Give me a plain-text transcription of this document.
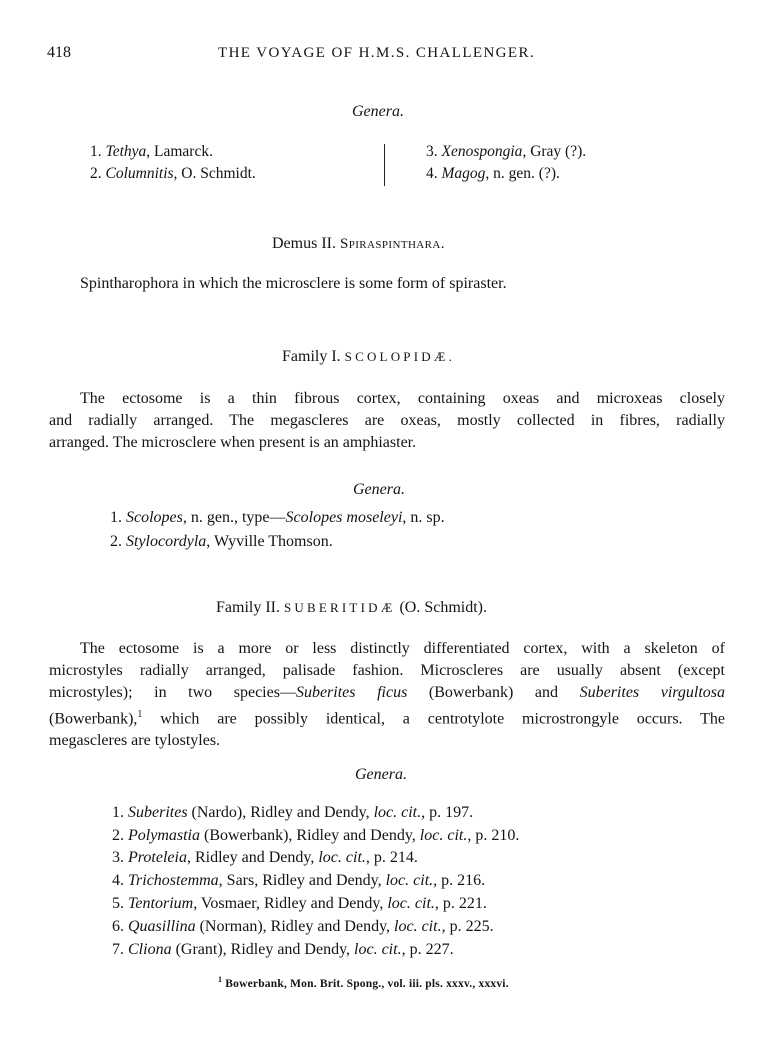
418	THE VOYAGE OF H.M.S. CHALLENGER.
Genera.
1. Tethya, Lamarck.
2. Columnitis, O. Schmidt.
3. Xenospongia, Gray (?).
4. Magog, n. gen. (?).
Demus II. Spiraspinthara.
Spintharophora in which the microsclere is some form of spiraster.
Family I. SCOLOPIDÆ.
The ectosome is a thin fibrous cortex, containing oxeas and microxeas closely
and radially arranged. The megascleres are oxeas, mostly collected in fibres, radially
arranged. The microsclere when present is an amphiaster.
Genera.
1. Scolopes, n. gen., type—Scolopes moseleyi, n. sp.
2. Stylocordyla, Wyville Thomson.
Family II. SUBERITIDÆ (O. Schmidt).
The ectosome is a more or less distinctly differentiated cortex, with a skeleton of
microstyles radially arranged, palisade fashion. Microscleres are usually absent (except
microstyles); in two species—Suberites ficus (Bowerbank) and Suberites virgultosa
(Bowerbank),$^1$ which are possibly identical, a centrotylote microstrongyle occurs. The
megascleres are tylostyles.
Genera.
1. Suberites (Nardo), Ridley and Dendy, loc. cit., p. 197.
2. Polymastia (Bowerbank), Ridley and Dendy, loc. cit., p. 210.
3. Proteleia, Ridley and Dendy, loc. cit., p. 214.
4. Trichostemma, Sars, Ridley and Dendy, loc. cit., p. 216.
5. Tentorium, Vosmaer, Ridley and Dendy, loc. cit., p. 221.
6. Quasillina (Norman), Ridley and Dendy, loc. cit., p. 225.
7. Cliona (Grant), Ridley and Dendy, loc. cit., p. 227.
$^1$ Bowerbank, Mon. Brit. Spong., vol. iii. pls. xxxv., xxxvi.
